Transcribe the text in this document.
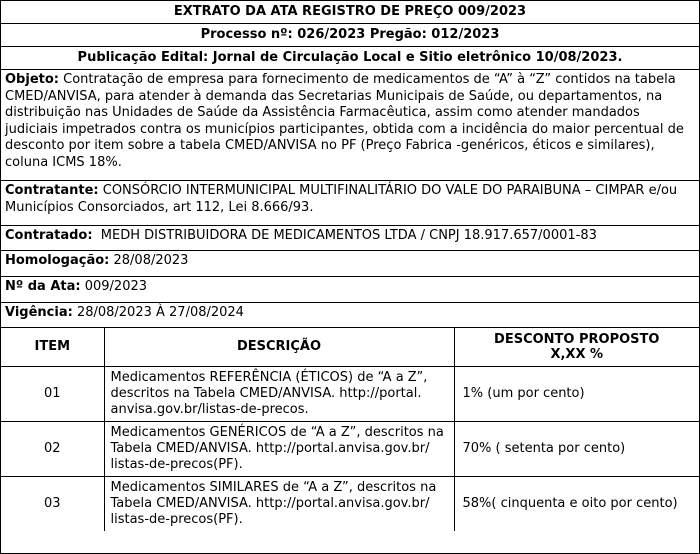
EXTRATO DA ATA REGISTRO DE PREÇO 009/2023
Processo nº: 026/2023 Pregão: 012/2023
Publicação Edital: Jornal de Circulação Local e Sitio eletrônico 10/08/2023.
Objeto: Contratação de empresa para fornecimento de medicamentos de “A” à “Z” contidos na tabela CMED/ANVISA, para atender à demanda das Secretarias Municipais de Saúde, ou departamentos, na distribuição nas Unidades de Saúde da Assistência Farmacêutica, assim como atender mandados judiciais impetrados contra os municípios participantes, obtida com a incidência do maior percentual de desconto por item sobre a tabela CMED/ANVISA no PF (Preço Fabrica -genéricos, éticos e similares), coluna ICMS 18%.
Contratante: CONSÓRCIO INTERMUNICIPAL MULTIFINALITÁRIO DO VALE DO PARAIBUNA – CIMPAR e/ou Municípios Consorciados, art 112, Lei 8.666/93.
Contratado:  MEDH DISTRIBUIDORA DE MEDICAMENTOS LTDA / CNPJ 18.917.657/0001-83
Homologação: 28/08/2023
Nº da Ata: 009/2023
Vigência: 28/08/2023 À 27/08/2024
ITEM	DESCRIÇÃO	DESCONTO PROPOSTO
X,XX %

01	Medicamentos REFERÊNCIA (ÉTICOS) de “A a Z”, descritos na Tabela CMED/ANVISA. http://portal. anvisa.gov.br/listas-de-precos.	1% (um por cento)
02	Medicamentos GENÉRICOS de “A a Z”, descritos na Tabela CMED/ANVISA. http://portal.anvisa.gov.br/ listas-de-precos(PF).	70% ( setenta por cento)
03	Medicamentos SIMILARES de “A a Z”, descritos na Tabela CMED/ANVISA. http://portal.anvisa.gov.br/ listas-de-precos(PF).	58%( cinquenta e oito por cento)
